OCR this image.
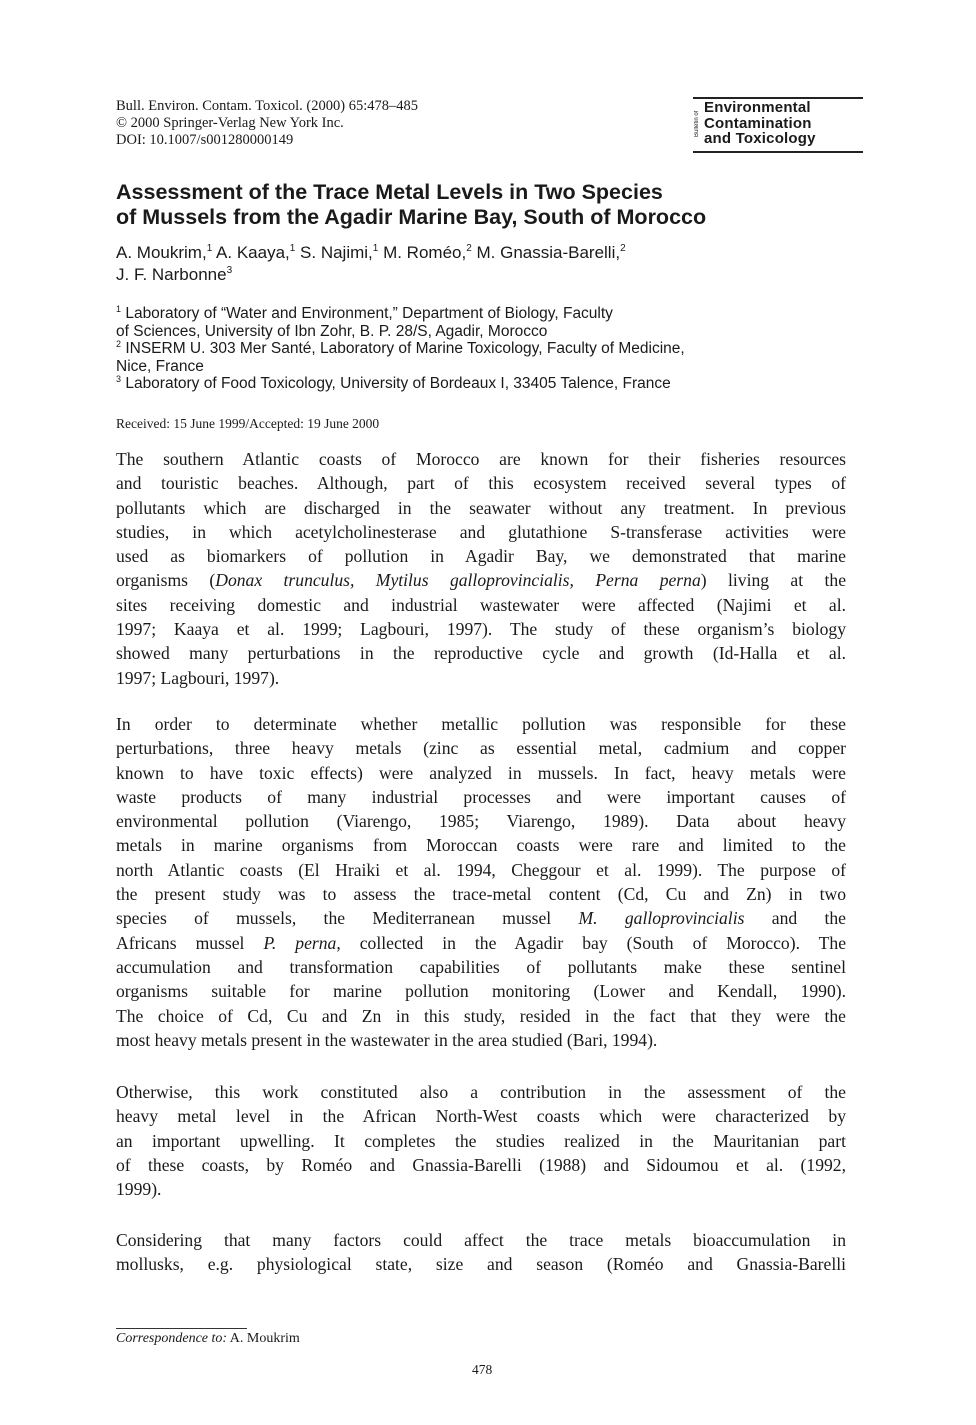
Bull. Environ. Contam. Toxicol. (2000) 65:478–485
© 2000 Springer-Verlag New York Inc.
DOI: 10.1007/s001280000149
Bulletin of
Environmental
Contamination
and Toxicology
Assessment of the Trace Metal Levels in Two Species
of Mussels from the Agadir Marine Bay, South of Morocco
A. Moukrim,$^1$ A. Kaaya,$^1$ S. Najimi,$^1$ M. Roméo,$^2$ M. Gnassia-Barelli,$^2$
J. F. Narbonne$^3$
$^1$ Laboratory of “Water and Environment,” Department of Biology, Faculty
of Sciences, University of Ibn Zohr, B. P. 28/S, Agadir, Morocco
$^2$ INSERM U. 303 Mer Santé, Laboratory of Marine Toxicology, Faculty of Medicine,
Nice, France
$^3$ Laboratory of Food Toxicology, University of Bordeaux I, 33405 Talence, France
Received: 15 June 1999/Accepted: 19 June 2000
The southern Atlantic coasts of Morocco are known for their fisheries resources
and touristic beaches. Although, part of this ecosystem received several types of
pollutants which are discharged in the seawater without any treatment. In previous
studies, in which acetylcholinesterase and glutathione S-transferase activities were
used as biomarkers of pollution in Agadir Bay, we demonstrated that marine
organisms (Donax trunculus, Mytilus galloprovincialis, Perna perna) living at the
sites receiving domestic and industrial wastewater were affected (Najimi et al.
1997; Kaaya et al. 1999; Lagbouri, 1997). The study of these organism’s biology
showed many perturbations in the reproductive cycle and growth (Id-Halla et al.
1997; Lagbouri, 1997).
In order to determinate whether metallic pollution was responsible for these
perturbations, three heavy metals (zinc as essential metal, cadmium and copper
known to have toxic effects) were analyzed in mussels. In fact, heavy metals were
waste products of many industrial processes and were important causes of
environmental pollution (Viarengo, 1985; Viarengo, 1989). Data about heavy
metals in marine organisms from Moroccan coasts were rare and limited to the
north Atlantic coasts (El Hraiki et al. 1994, Cheggour et al. 1999). The purpose of
the present study was to assess the trace-metal content (Cd, Cu and Zn) in two
species of mussels, the Mediterranean mussel M. galloprovincialis and the
Africans mussel P. perna, collected in the Agadir bay (South of Morocco). The
accumulation and transformation capabilities of pollutants make these sentinel
organisms suitable for marine pollution monitoring (Lower and Kendall, 1990).
The choice of Cd, Cu and Zn in this study, resided in the fact that they were the
most heavy metals present in the wastewater in the area studied (Bari, 1994).
Otherwise, this work constituted also a contribution in the assessment of the
heavy metal level in the African North-West coasts which were characterized by
an important upwelling. It completes the studies realized in the Mauritanian part
of these coasts, by Roméo and Gnassia-Barelli (1988) and Sidoumou et al. (1992,
1999).
Considering that many factors could affect the trace metals bioaccumulation in
mollusks, e.g. physiological state, size and season (Roméo and Gnassia-Barelli
Correspondence to: A. Moukrim
478
